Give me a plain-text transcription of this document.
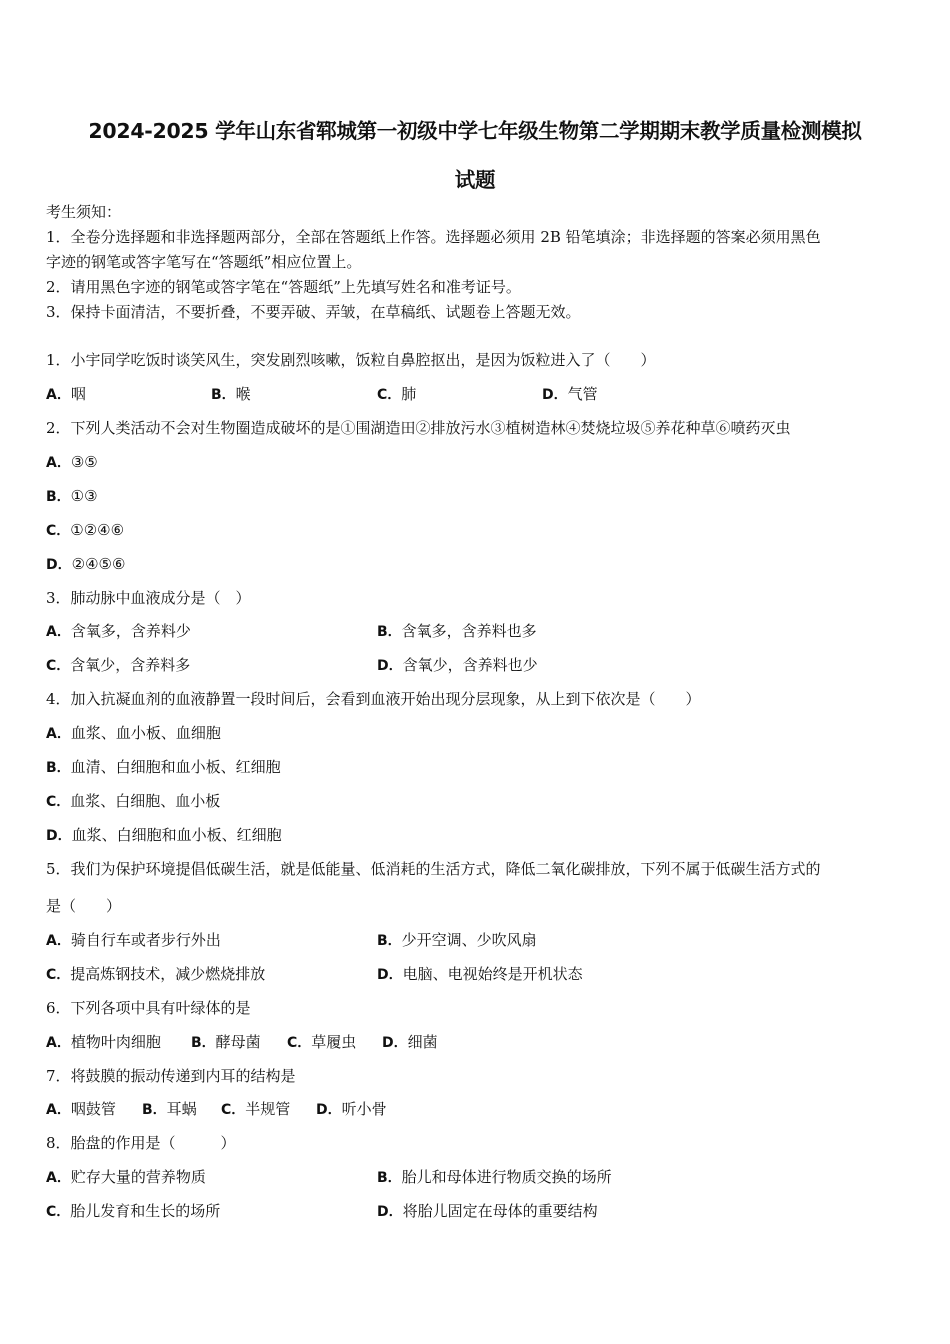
2024-2025 学年山东省郓城第一初级中学七年级生物第二学期期末教学质量检测模拟
试题
考生须知：
1．全卷分选择题和非选择题两部分，全部在答题纸上作答。选择题必须用 2B 铅笔填涂；非选择题的答案必须用黑色
字迹的钢笔或答字笔写在“答题纸”相应位置上。
2．请用黑色字迹的钢笔或答字笔在“答题纸”上先填写姓名和准考证号。
3．保持卡面清洁，不要折叠，不要弄破、弄皱，在草稿纸、试题卷上答题无效。
1．小宇同学吃饭时谈笑风生，突发剧烈咳嗽，饭粒自鼻腔抠出，是因为饭粒进入了（　　）
A．咽	B．喉	C．肺	D．气管
2．下列人类活动不会对生物圈造成破坏的是①围湖造田②排放污水③植树造林④焚烧垃圾⑤养花种草⑥喷药灭虫
A．③⑤
B．①③
C．①②④⑥
D．②④⑤⑥
3．肺动脉中血液成分是（　）
A．含氧多，含养料少	B．含氧多，含养料也多
C．含氧少，含养料多	D．含氧少，含养料也少
4．加入抗凝血剂的血液静置一段时间后，会看到血液开始出现分层现象，从上到下依次是（　　）
A．血浆、血小板、血细胞
B．血清、白细胞和血小板、红细胞
C．血浆、白细胞、血小板
D．血浆、白细胞和血小板、红细胞
5．我们为保护环境提倡低碳生活，就是低能量、低消耗的生活方式，降低二氧化碳排放，下列不属于低碳生活方式的
是（　　）
A．骑自行车或者步行外出	B．少开空调、少吹风扇
C．提高炼钢技术，减少燃烧排放	D．电脑、电视始终是开机状态
6．下列各项中具有叶绿体的是
A．植物叶肉细胞 B．酵母菌 C．草履虫 D．细菌
7．将鼓膜的振动传递到内耳的结构是
A．咽鼓管 B．耳蜗 C．半规管 D．听小骨
8．胎盘的作用是（　　　）
A．贮存大量的营养物质	B．胎儿和母体进行物质交换的场所
C．胎儿发育和生长的场所	D．将胎儿固定在母体的重要结构
